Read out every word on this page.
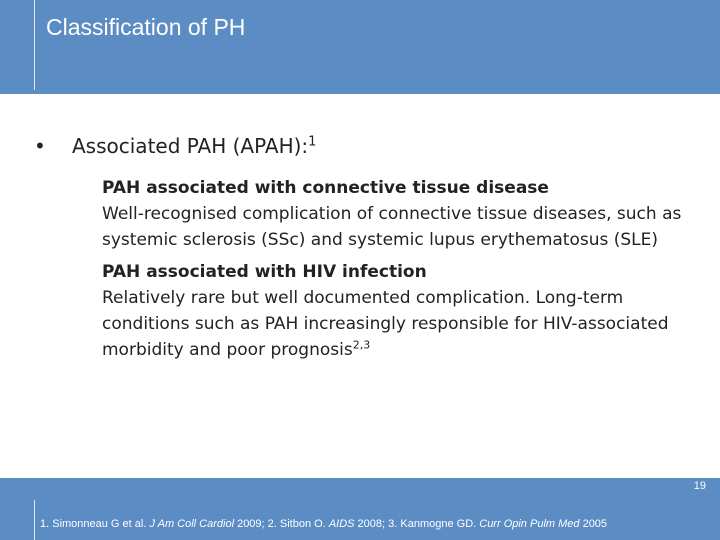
Classification of PH
•	Associated PAH (APAH):$^1$
PAH associated with connective tissue disease
Well-recognised complication of connective tissue diseases, such as systemic sclerosis (SSc) and systemic lupus erythematosus (SLE)
PAH associated with HIV infection
Relatively rare but well documented complication. Long-term conditions such as PAH increasingly responsible for HIV-associated morbidity and poor prognosis$^{2,3}$
1. Simonneau G et al. J Am Coll Cardiol 2009; 2. Sitbon O. AIDS 2008; 3. Kanmogne GD. Curr Opin Pulm Med 2005
19
